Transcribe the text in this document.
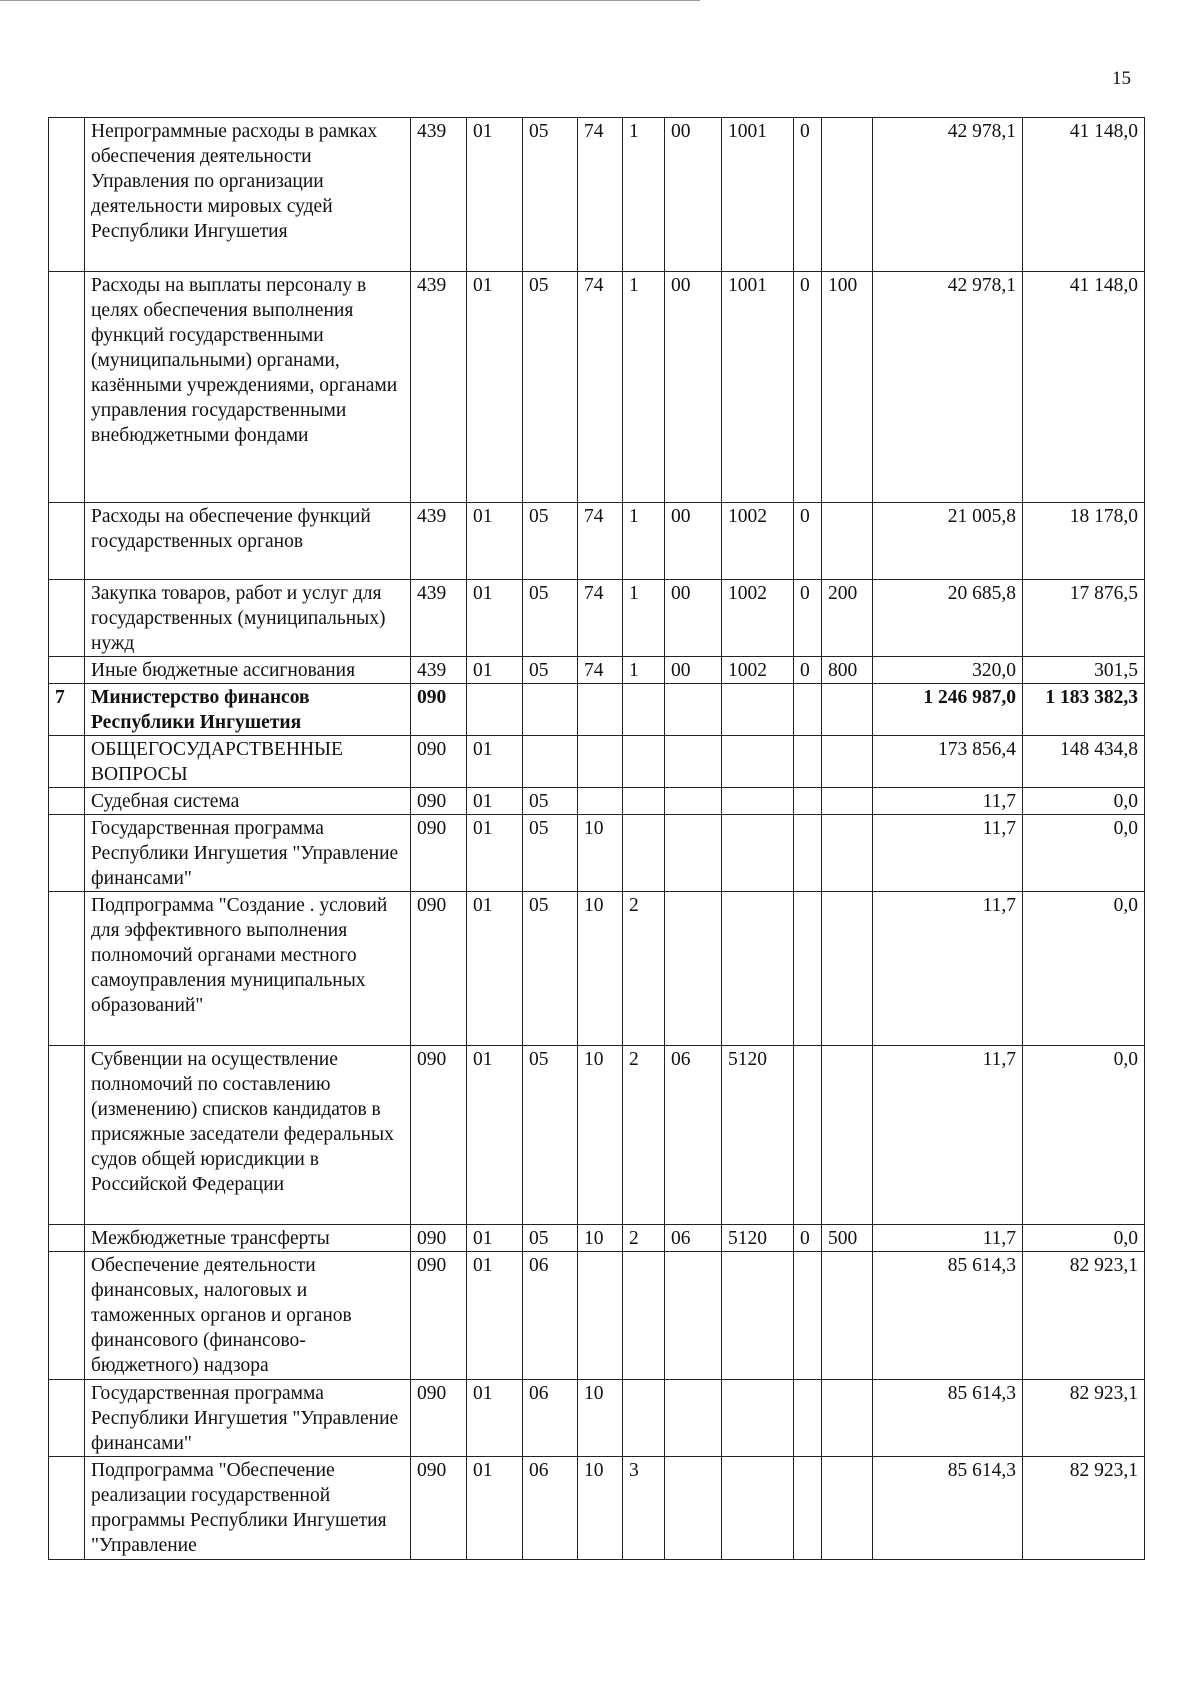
15
	Непрограммные расходы в рамках обеспечения деятельности Управления по организации деятельности мировых судей Республики Ингушетия	439	01	05	74	1	00	1001	0		42 978,1	41 148,0
	Расходы на выплаты персоналу в целях обеспечения выполнения функций государственными (муниципальными) органами, казёнными учреждениями, органами управления государственными внебюджетными фондами	439	01	05	74	1	00	1001	0	100	42 978,1	41 148,0
	Расходы на обеспечение функций государственных органов	439	01	05	74	1	00	1002	0		21 005,8	18 178,0
	Закупка товаров, работ и услуг для государственных (муниципальных) нужд	439	01	05	74	1	00	1002	0	200	20 685,8	17 876,5
	Иные бюджетные ассигнования	439	01	05	74	1	00	1002	0	800	320,0	301,5
7	Министерство финансов Республики Ингушетия	090									1 246 987,0	1 183 382,3
	ОБЩЕГОСУДАРСТВЕННЫЕ ВОПРОСЫ	090	01								173 856,4	148 434,8
	Судебная система	090	01	05							11,7	0,0
	Государственная программа Республики Ингушетия "Управление финансами"	090	01	05	10						11,7	0,0
	Подпрограмма "Создание . условий для эффективного выполнения полномочий органами местного самоуправления муниципальных образований"	090	01	05	10	2					11,7	0,0
	Субвенции на осуществление полномочий по составлению (изменению) списков кандидатов в присяжные заседатели федеральных судов общей юрисдикции в Российской Федерации	090	01	05	10	2	06	5120			11,7	0,0
	Межбюджетные трансферты	090	01	05	10	2	06	5120	0	500	11,7	0,0
	Обеспечение деятельности финансовых, налоговых и таможенных органов и органов финансового (финансово-бюджетного) надзора	090	01	06							85 614,3	82 923,1
	Государственная программа Республики Ингушетия "Управление финансами"	090	01	06	10						85 614,3	82 923,1
	Подпрограмма "Обеспечение реализации государственной программы Республики Ингушетия "Управление	090	01	06	10	3					85 614,3	82 923,1
